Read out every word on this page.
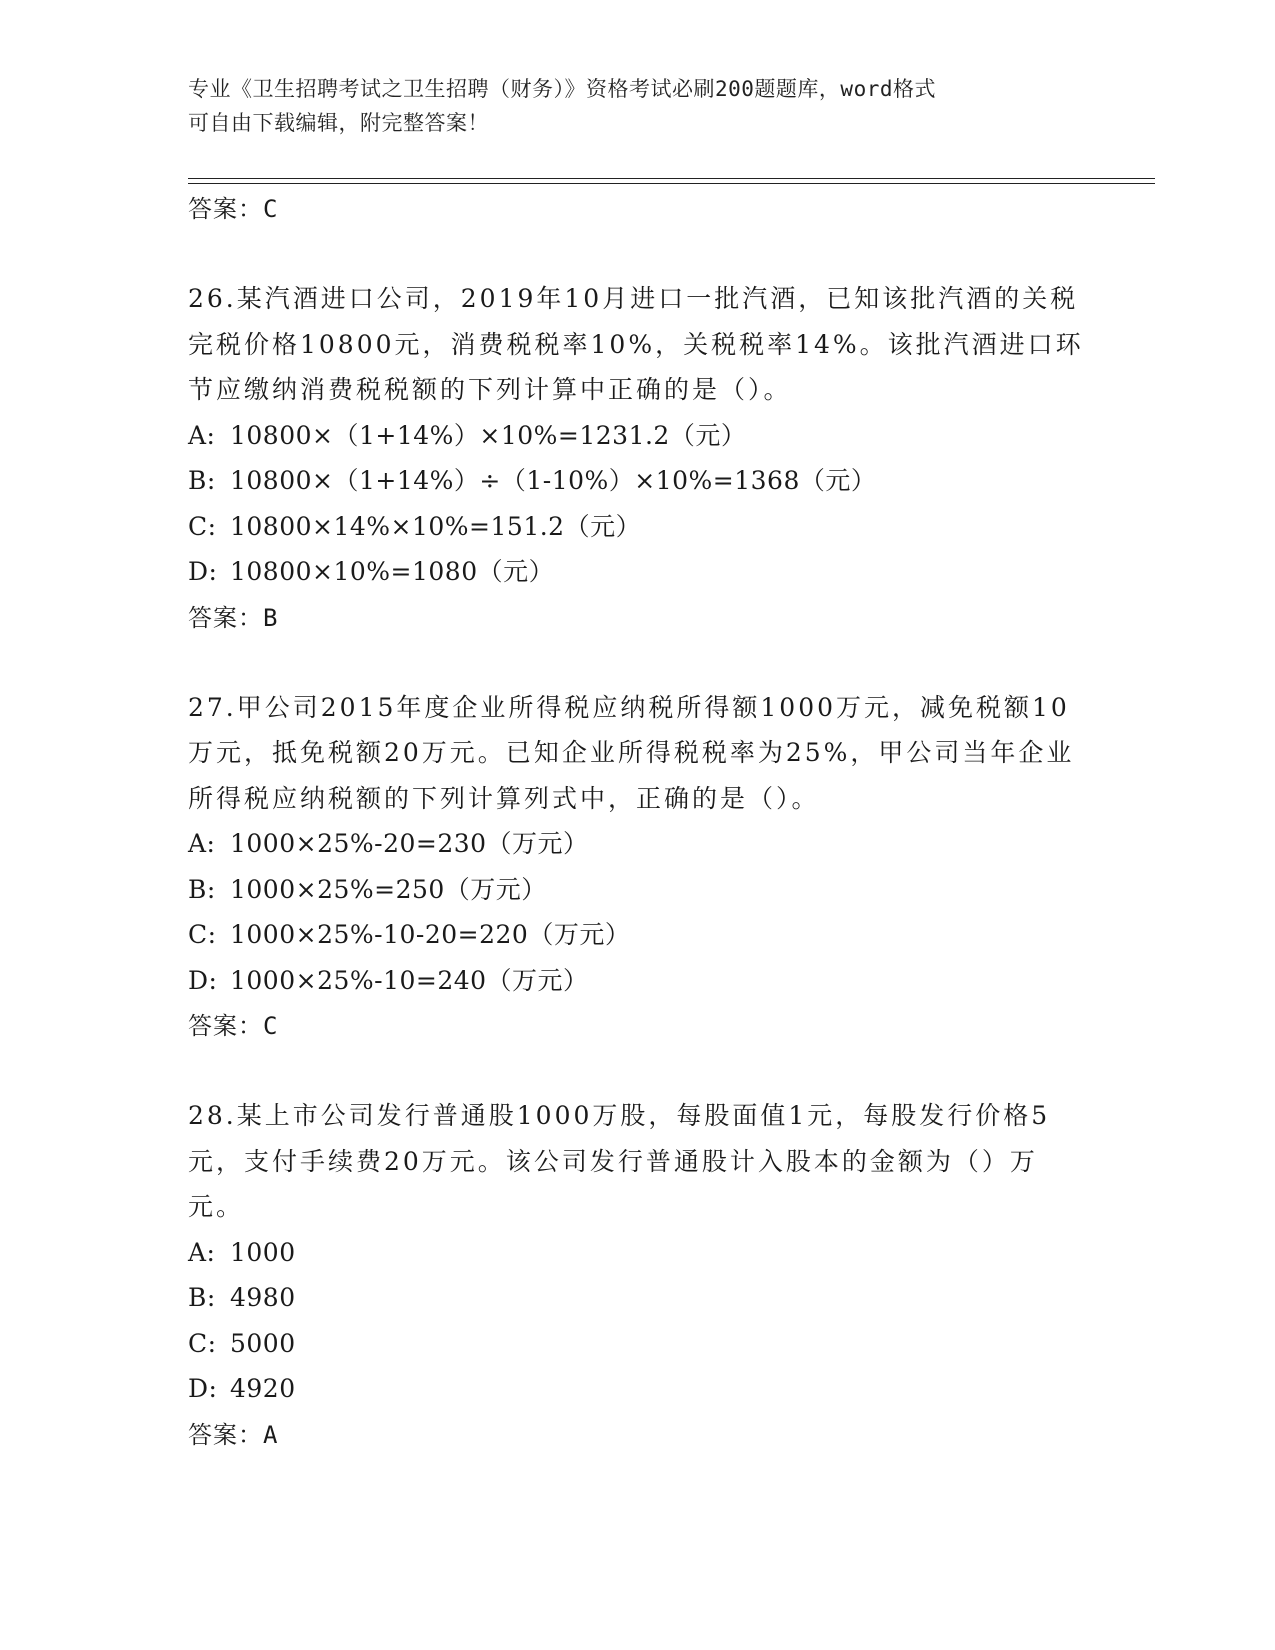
专业《卫生招聘考试之卫生招聘（财务）》资格考试必刷200题题库，word格式
可自由下载编辑，附完整答案！
答案：C

26.某汽酒进口公司，2019年10月进口一批汽酒，已知该批汽酒的关税完税价格10800元，消费税税率10%，关税税率14%。该批汽酒进口环节应缴纳消费税税额的下列计算中正确的是（）。

A: 10800×（1+14%）×10%=1231.2（元）
B: 10800×（1+14%）÷（1-10%）×10%=1368（元）
C: 10800×14%×10%=151.2（元）
D: 10800×10%=1080（元）
答案：B

27.甲公司2015年度企业所得税应纳税所得额1000万元，减免税额10万元，抵免税额20万元。已知企业所得税税率为25%，甲公司当年企业所得税应纳税额的下列计算列式中，正确的是（）。

A: 1000×25%-20=230（万元）
B: 1000×25%=250（万元）
C: 1000×25%-10-20=220（万元）
D: 1000×25%-10=240（万元）
答案：C

28.某上市公司发行普通股1000万股，每股面值1元，每股发行价格5元，支付手续费20万元。该公司发行普通股计入股本的金额为（）万元。

A: 1000
B: 4980
C: 5000
D: 4920
答案：A
